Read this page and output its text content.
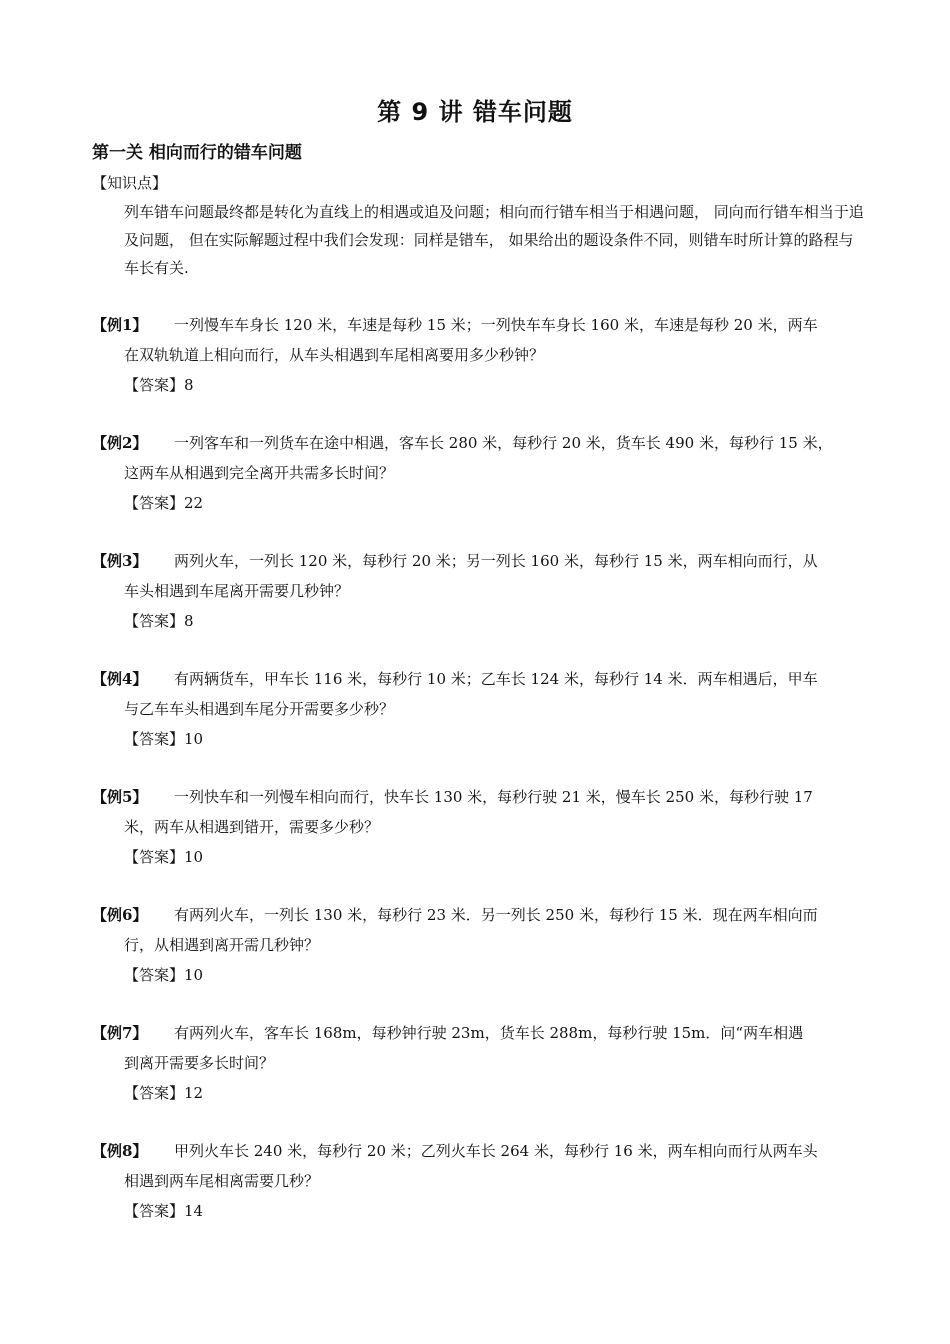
第 9 讲 错车问题
第一关 相向而行的错车问题
【知识点】
列车错车问题最终都是转化为直线上的相遇或追及问题；相向而行错车相当于相遇问题， 同向而行错车相当于追及问题， 但在实际解题过程中我们会发现：同样是错车， 如果给出的题设条件不同，则错车时所计算的路程与车长有关.
【例1】 一列慢车车身长 120 米，车速是每秒 15 米；一列快车车身长 160 米，车速是每秒 20 米，两车
在双轨轨道上相向而行，从车头相遇到车尾相离要用多少秒钟？
【答案】8
【例2】 一列客车和一列货车在途中相遇，客车长 280 米，每秒行 20 米，货车长 490 米，每秒行 15 米，
这两车从相遇到完全离开共需多长时间？
【答案】22
【例3】 两列火车，一列长 120 米，每秒行 20 米；另一列长 160 米，每秒行 15 米，两车相向而行，从
车头相遇到车尾离开需要几秒钟？
【答案】8
【例4】 有两辆货车，甲车长 116 米，每秒行 10 米；乙车长 124 米，每秒行 14 米．两车相遇后，甲车
与乙车车头相遇到车尾分开需要多少秒？
【答案】10
【例5】 一列快车和一列慢车相向而行，快车长 130 米，每秒行驶 21 米，慢车长 250 米，每秒行驶 17
米，两车从相遇到错开，需要多少秒？
【答案】10
【例6】 有两列火车，一列长 130 米，每秒行 23 米．另一列长 250 米，每秒行 15 米．现在两车相向而
行，从相遇到离开需几秒钟？
【答案】10
【例7】 有两列火车，客车长 168m，每秒钟行驶 23m，货车长 288m，每秒行驶 15m．问“两车相遇
到离开需要多长时间？
【答案】12
【例8】 甲列火车长 240 米，每秒行 20 米；乙列火车长 264 米，每秒行 16 米，两车相向而行从两车头
相遇到两车尾相离需要几秒？
【答案】14
